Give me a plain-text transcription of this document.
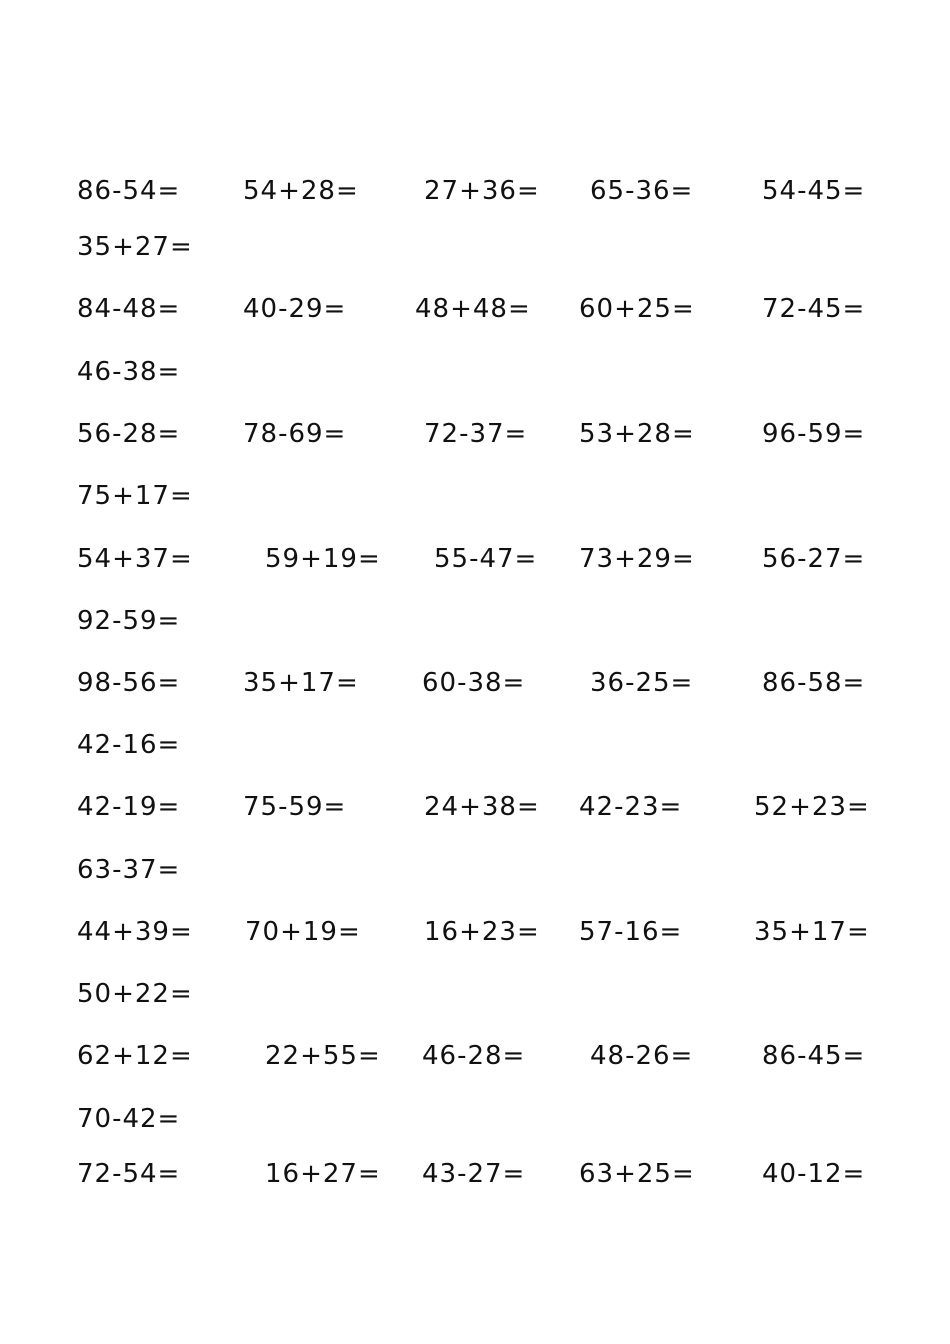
86-54= 54+28=	27+36= 65-36=	54-45=
35+27=
84-48= 40-29=	48+48= 60+25=	72-45=
46-38=
56-28= 78-69=	72-37= 53+28=	96-59=
75+17=
54+37=	59+19= 55-47= 73+29=	56-27=
92-59=
98-56= 35+17= 60-38= 36-25=	86-58=
42-16=
42-19= 75-59=	24+38= 42-23=	52+23=
63-37=
44+39= 70+19= 16+23= 57-16=	35+17=
50+22=
62+12=	22+55= 46-28= 48-26=	86-45=
70-42=
72-54=	16+27= 43-27= 63+25=	40-12=
